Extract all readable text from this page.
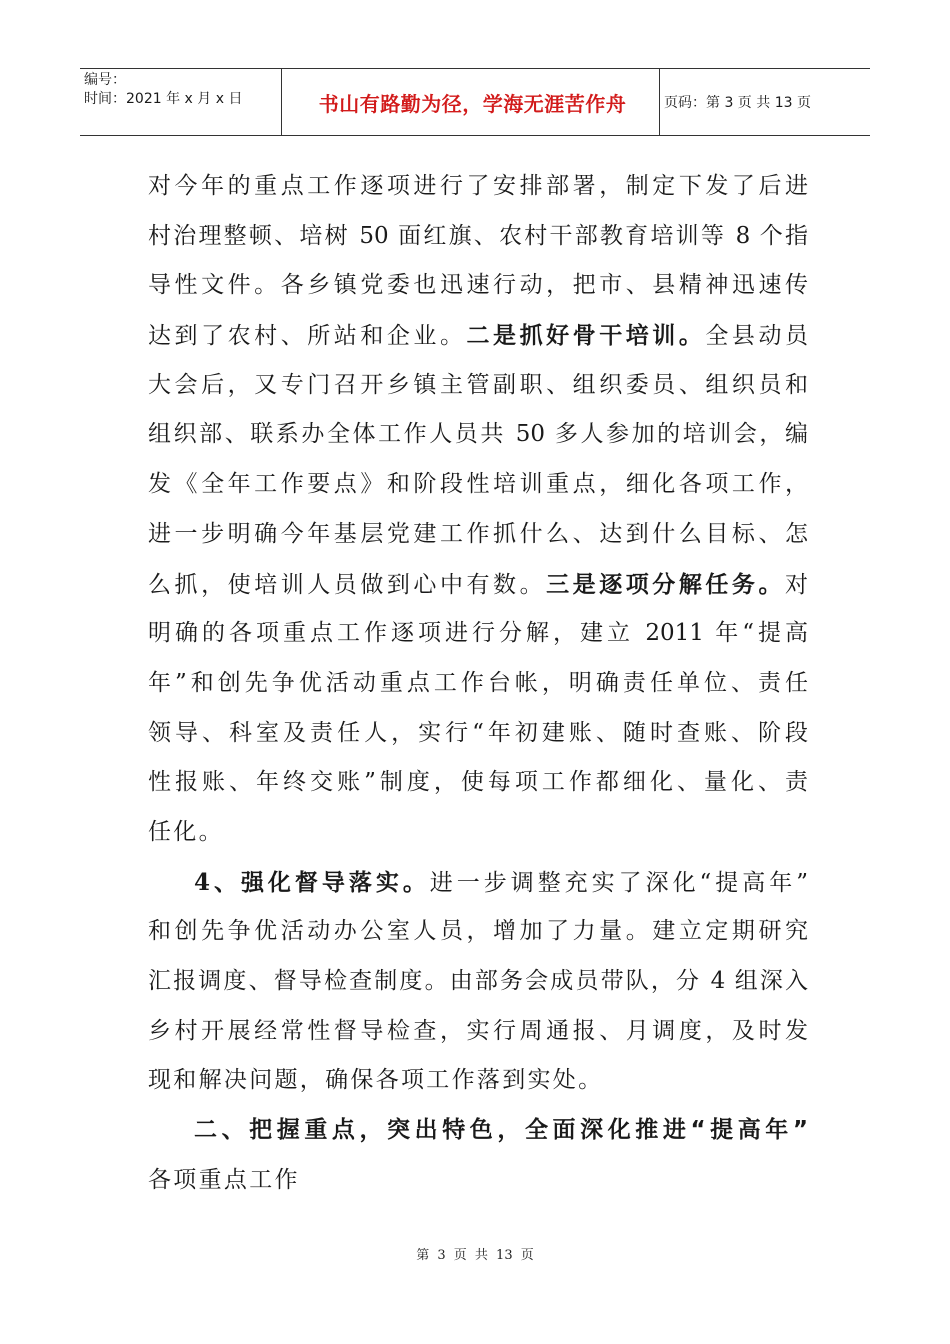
编号：
时间：2021 年 x 月 x 日	书山有路勤为径，学海无涯苦作舟	页码：第 3 页 共 13 页
对今年的重点工作逐项进行了安排部署，制定下发了后进
村治理整顿、培树 50 面红旗、农村干部教育培训等 8 个指
导性文件。各乡镇党委也迅速行动，把市、县精神迅速传
达到了农村、所站和企业。二是抓好骨干培训。全县动员
大会后，又专门召开乡镇主管副职、组织委员、组织员和
组织部、联系办全体工作人员共 50 多人参加的培训会，编
发《全年工作要点》和阶段性培训重点，细化各项工作，
进一步明确今年基层党建工作抓什么、达到什么目标、怎
么抓，使培训人员做到心中有数。三是逐项分解任务。对
明确的各项重点工作逐项进行分解，建立 2011 年“提高
年”和创先争优活动重点工作台帐，明确责任单位、责任
领导、科室及责任人，实行“年初建账、随时查账、阶段
性报账、年终交账”制度，使每项工作都细化、量化、责
任化。
4、强化督导落实。进一步调整充实了深化“提高年”
和创先争优活动办公室人员，增加了力量。建立定期研究
汇报调度、督导检查制度。由部务会成员带队，分 4 组深入
乡村开展经常性督导检查，实行周通报、月调度，及时发
现和解决问题，确保各项工作落到实处。
二、把握重点，突出特色，全面深化推进“提高年”
各项重点工作
第 3 页 共 13 页
